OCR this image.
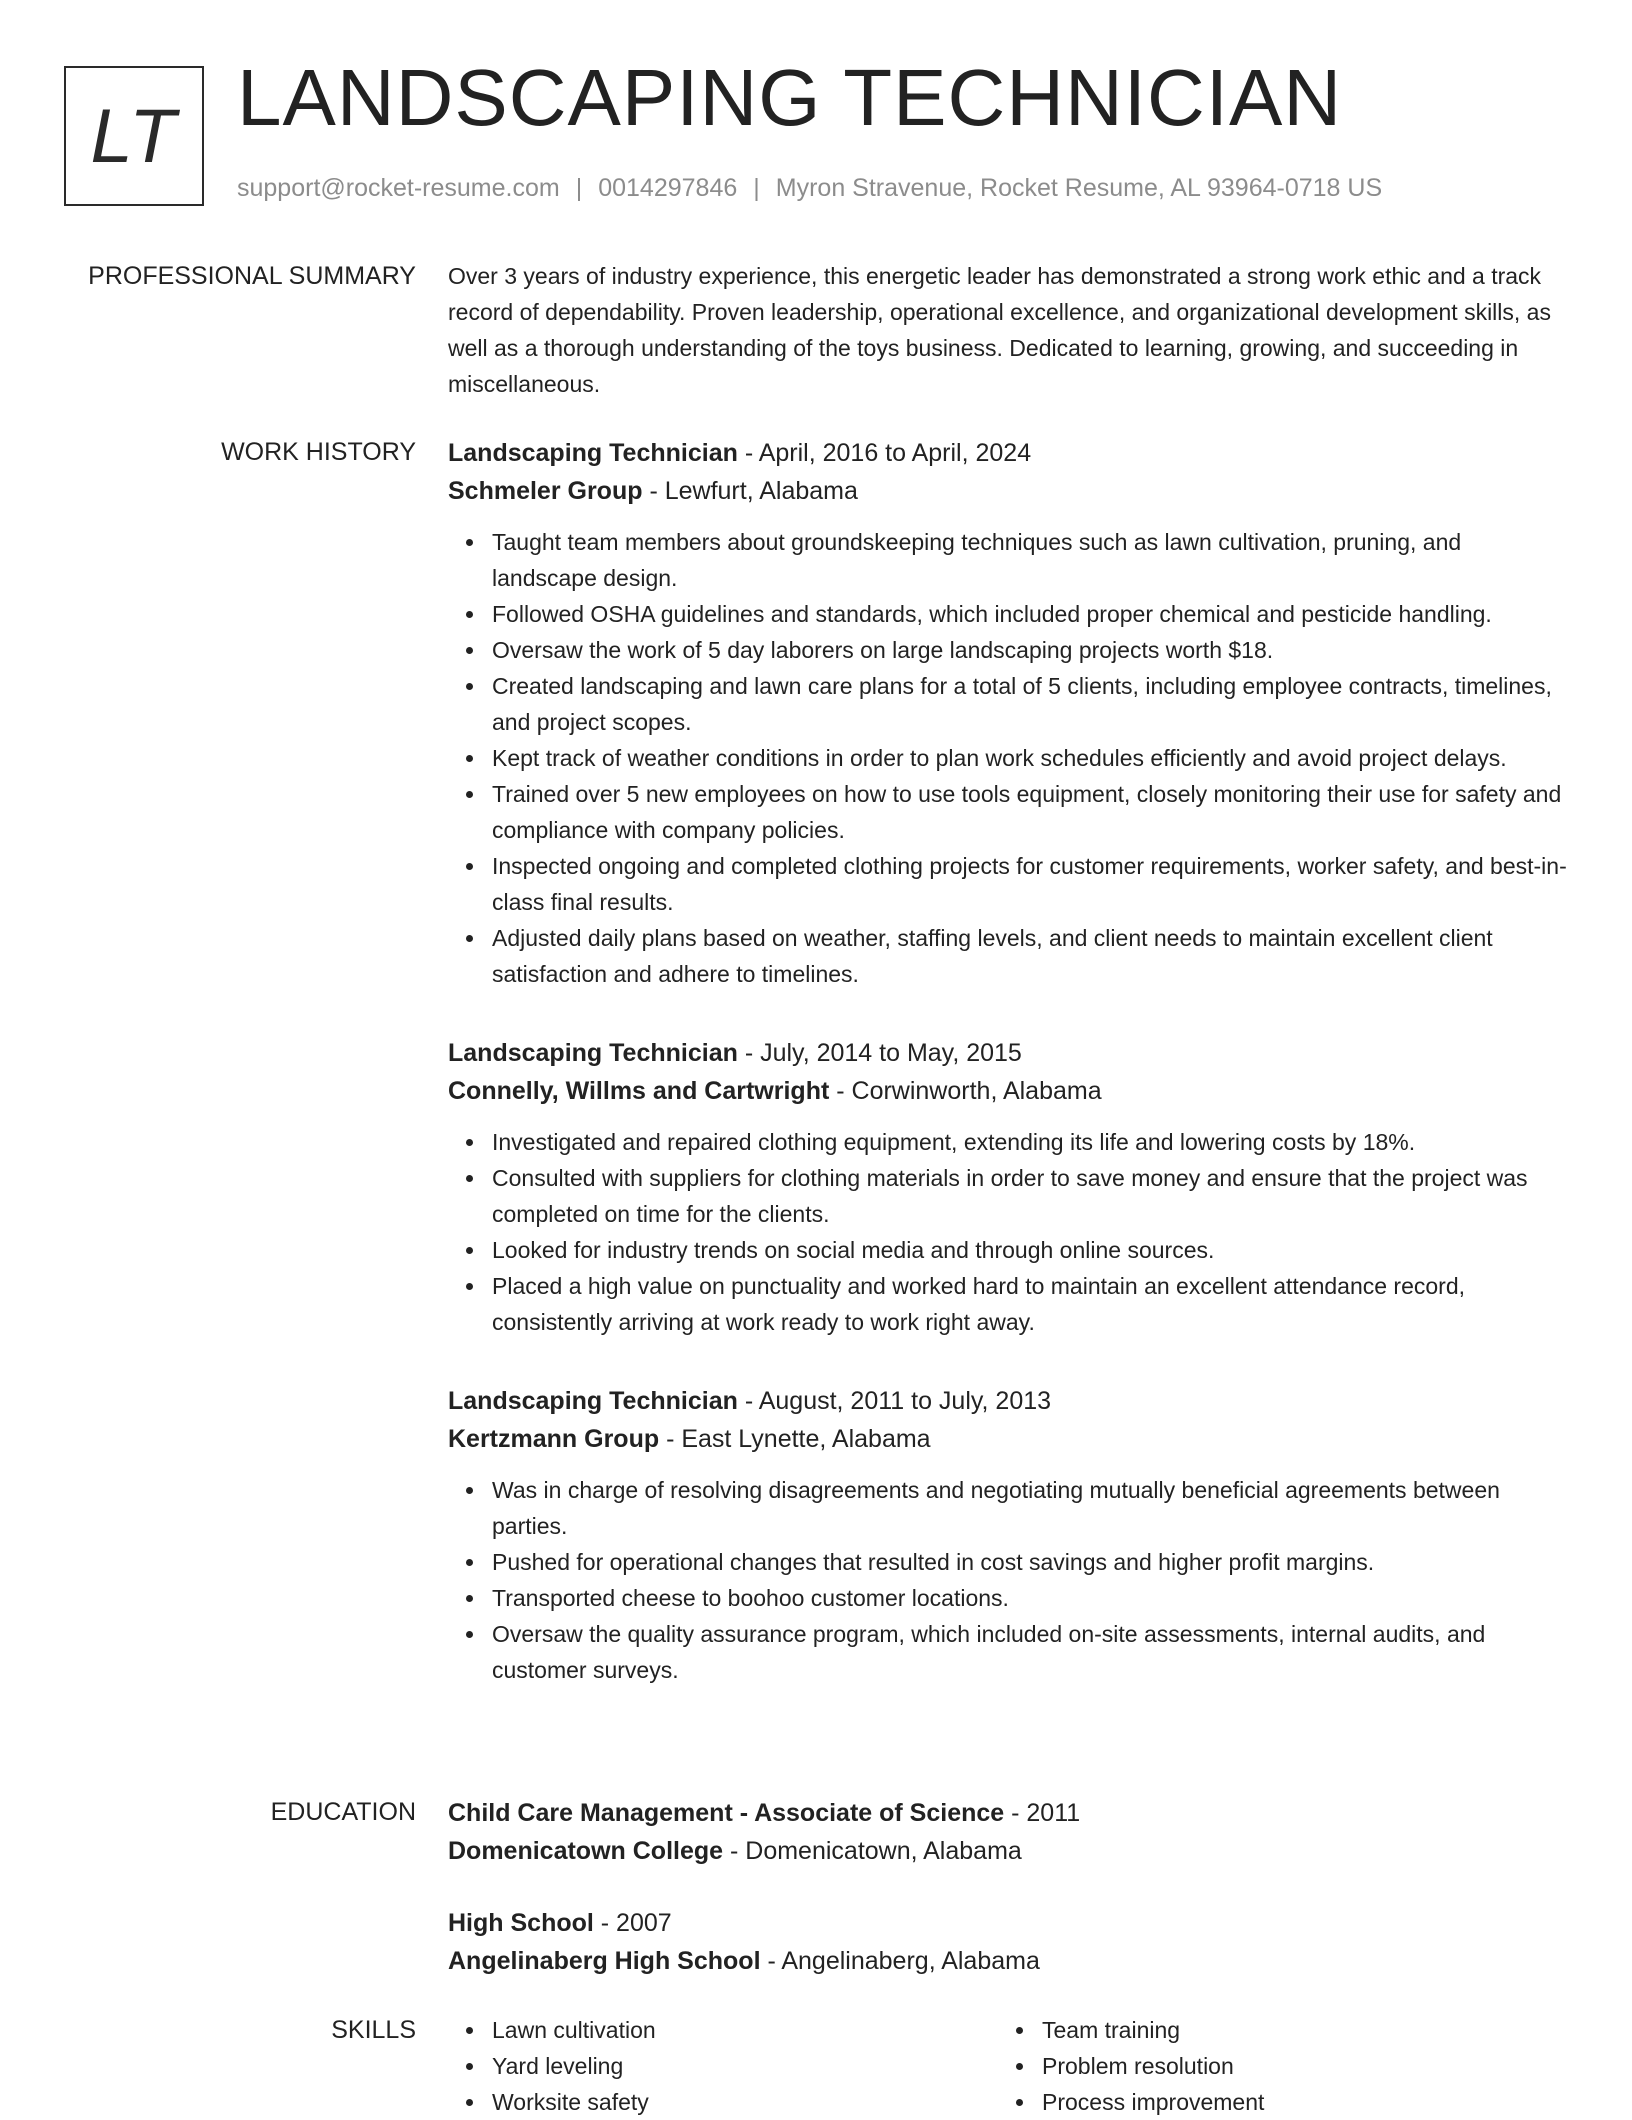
LT LANDSCAPING TECHNICIAN
support@rocket-resume.com | 0014297846 | Myron Stravenue, Rocket Resume, AL 93964-0718 US
PROFESSIONAL SUMMARY Over 3 years of industry experience, this energetic leader has demonstrated a strong work ethic and a track record of dependability. Proven leadership, operational excellence, and organizational development skills, as well as a thorough understanding of the toys business. Dedicated to learning, growing, and succeeding in miscellaneous.

WORK HISTORY Landscaping Technician - April, 2016 to April, 2024

Schmeler Group - Lewfurt, Alabama

Taught team members about groundskeeping techniques such as lawn cultivation, pruning, and landscape design.
Followed OSHA guidelines and standards, which included proper chemical and pesticide handling.
Oversaw the work of 5 day laborers on large landscaping projects worth $18.
Created landscaping and lawn care plans for a total of 5 clients, including employee contracts, timelines, and project scopes.
Kept track of weather conditions in order to plan work schedules efficiently and avoid project delays.
Trained over 5 new employees on how to use tools equipment, closely monitoring their use for safety and compliance with company policies.
Inspected ongoing and completed clothing projects for customer requirements, worker safety, and best-in-class final results.
Adjusted daily plans based on weather, staffing levels, and client needs to maintain excellent client satisfaction and adhere to timelines.

Landscaping Technician - July, 2014 to May, 2015

Connelly, Willms and Cartwright - Corwinworth, Alabama

Investigated and repaired clothing equipment, extending its life and lowering costs by 18%.
Consulted with suppliers for clothing materials in order to save money and ensure that the project was completed on time for the clients.
Looked for industry trends on social media and through online sources.
Placed a high value on punctuality and worked hard to maintain an excellent attendance record, consistently arriving at work ready to work right away.

Landscaping Technician - August, 2011 to July, 2013

Kertzmann Group - East Lynette, Alabama

Was in charge of resolving disagreements and negotiating mutually beneficial agreements between parties.
Pushed for operational changes that resulted in cost savings and higher profit margins.
Transported cheese to boohoo customer locations.
Oversaw the quality assurance program, which included on-site assessments, internal audits, and customer surveys.
EDUCATION Child Care Management - Associate of Science - 2011

Domenicatown College - Domenicatown, Alabama

High School - 2007

Angelinaberg High School - Angelinaberg, Alabama

SKILLS	Lawn cultivation
Yard leveling
Worksite safety
Team training
Problem resolution
Process improvement
